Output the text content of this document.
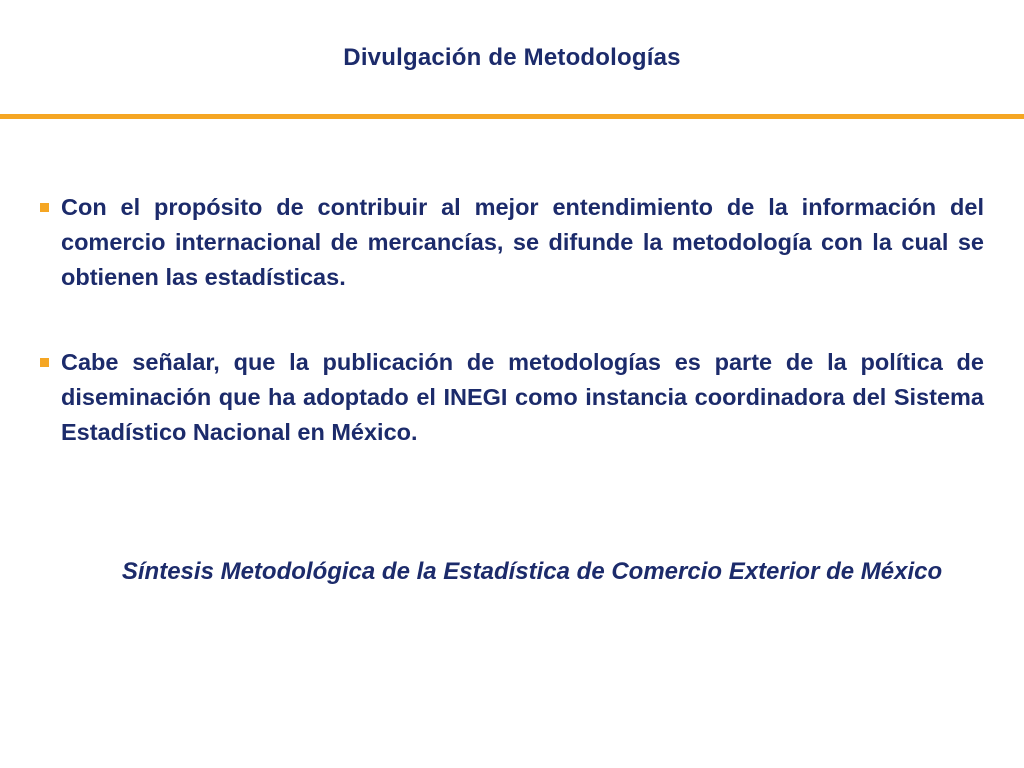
Divulgación de Metodologías
Con el propósito de contribuir al mejor entendimiento de la información del comercio internacional de mercancías, se difunde la metodología con la cual se obtienen las estadísticas.
Cabe señalar, que la publicación de metodologías es parte de la política de diseminación que ha adoptado el INEGI como instancia coordinadora del Sistema Estadístico Nacional en México.
Síntesis Metodológica de la Estadística de Comercio Exterior de México
